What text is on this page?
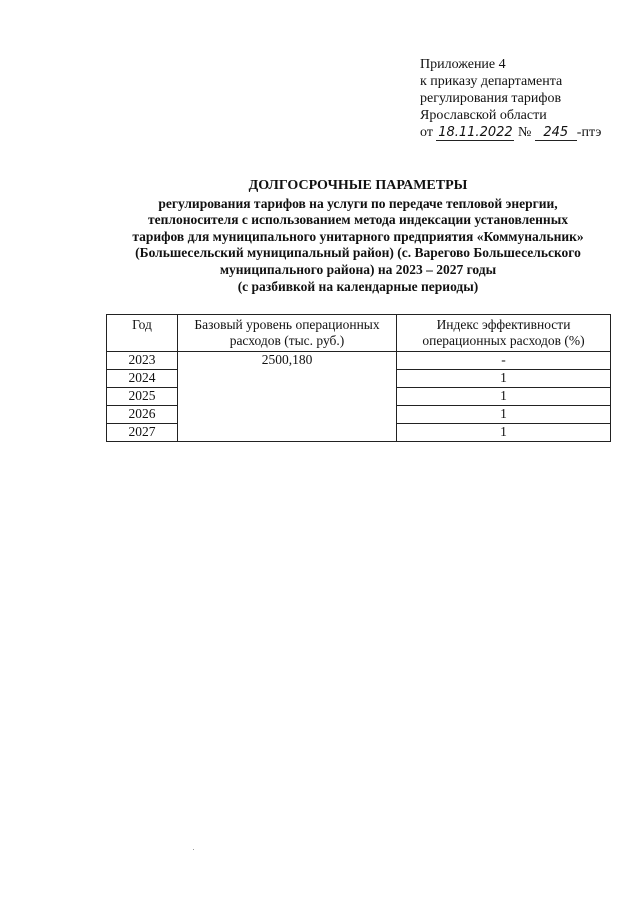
Приложение 4
к приказу департамента
регулирования тарифов
Ярославской области
от 18.11.2022 № 245 -птэ
ДОЛГОСРОЧНЫЕ ПАРАМЕТРЫ
регулирования тарифов на услуги по передаче тепловой энергии,
теплоносителя с использованием метода индексации установленных
тарифов для муниципального унитарного предприятия «Коммунальник»
(Большесельский муниципальный район) (с. Варегово Большесельского
муниципального района) на 2023 – 2027 годы
(с разбивкой на календарные периоды)
Год	Базовый уровень операционных расходов (тыс. руб.)	Индекс эффективности операционных расходов (%)
2023	2500,180	-
2024		1
2025		1
2026		1
2027		1
